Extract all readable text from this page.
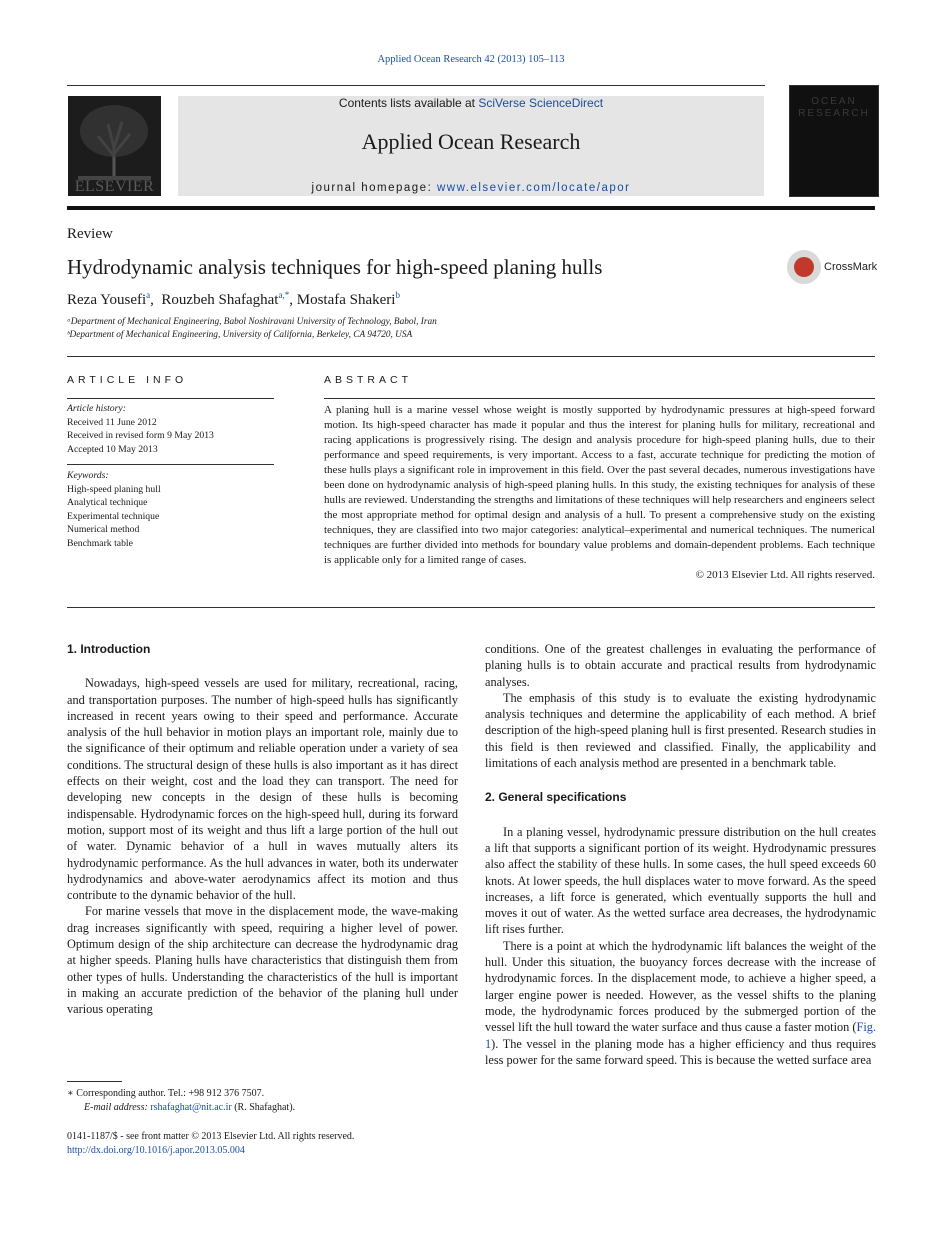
Applied Ocean Research 42 (2013) 105–113
ELSEVIER
Contents lists available at SciVerse ScienceDirect
Applied Ocean Research
journal homepage: www.elsevier.com/locate/apor
OCEAN RESEARCH
Review
Hydrodynamic analysis techniques for high-speed planing hulls	CrossMark
Reza Yousefi$^a$,  Rouzbeh Shafaghat$^{a,*}$, Mostafa Shakeri$^b$
ᵃDepartment of Mechanical Engineering, Babol Noshiravani University of Technology, Babol, Iran
ᵇDepartment of Mechanical Engineering, University of California, Berkeley, CA 94720, USA
ARTICLE INFO
Article history:
Received 11 June 2012
Received in revised form 9 May 2013
Accepted 10 May 2013
Keywords:
High-speed planing hull
Analytical technique
Experimental technique
Numerical method
Benchmark table
ABSTRACT
A planing hull is a marine vessel whose weight is mostly supported by hydrodynamic pressures at high-speed forward motion. Its high-speed character has made it popular and thus the interest for planing hulls for military, recreational and racing applications is progressively rising. The design and analysis procedure for high-speed planing hulls, due to their performance and speed requirements, is very important. Access to a fast, accurate technique for predicting the motion of these hulls plays a significant role in improvement in this field. Over the past several decades, numerous investigations have been done on hydrodynamic analysis of high-speed planing hulls. In this study, the existing techniques for analysis of these hulls are reviewed. Understanding the strengths and limitations of these techniques will help researchers and engineers select the most appropriate method for optimal design and analysis of a hull. To present a comprehensive study on the existing techniques, they are classified into two major categories: analytical–experimental and numerical techniques. The numerical techniques are further divided into methods for boundary value problems and domain-dependent problems. Each technique is applicable only for a limited range of cases.
© 2013 Elsevier Ltd. All rights reserved.
1. Introduction

Nowadays, high-speed vessels are used for military, recreational, racing, and transportation purposes. The number of high-speed hulls has significantly increased in recent years owing to their speed and performance. Accurate analysis of the hull behavior in motion plays an important role, mainly due to the significance of their optimum and reliable operation under a variety of sea conditions. The structural design of these hulls is also important as it has direct effects on their weight, cost and the load they can transport. The need for developing new concepts in the design of these hulls is becoming indispensable. Hydrodynamic forces on the high-speed hull, during its forward motion, support most of its weight and thus lift a large portion of the hull out of water. Dynamic behavior of a hull in waves mutually alters its hydrodynamic performance. As the hull advances in water, both its underwater hydrodynamics and above-water aerodynamics affect its motion and thus contribute to the dynamic behavior of the hull.

For marine vessels that move in the displacement mode, the wave-making drag increases significantly with speed, requiring a higher level of power. Optimum design of the ship architecture can decrease the hydrodynamic drag at higher speeds. Planing hulls have characteristics that distinguish them from other types of hulls. Understanding the characteristics of the hull is important in making an accurate prediction of the behavior of the planing hull under various operating

conditions. One of the greatest challenges in evaluating the performance of planing hulls is to obtain accurate and practical results from hydrodynamic analyses.

The emphasis of this study is to evaluate the existing hydrodynamic analysis techniques and determine the applicability of each method. A brief description of the high-speed planing hull is first presented. Research studies in this field is then reviewed and classified. Finally, the applicability and limitations of each analysis method are presented in a benchmark table.

2. General specifications

In a planing vessel, hydrodynamic pressure distribution on the hull creates a lift that supports a significant portion of its weight. Hydrodynamic pressures also affect the stability of these hulls. In some cases, the hull speed exceeds 60 knots. At lower speeds, the hull displaces water to move forward. As the speed increases, a lift force is generated, which eventually supports the hull and moves it out of water. As the wetted surface area decreases, the hydrodynamic lift rises further.

There is a point at which the hydrodynamic lift balances the weight of the hull. Under this situation, the buoyancy forces decrease with the increase of hydrodynamic forces. In the displacement mode, to achieve a higher speed, a larger engine power is needed. However, as the vessel shifts to the planing mode, the hydrodynamic forces produced by the submerged portion of the vessel lift the hull toward the water surface and thus cause a faster motion (Fig. 1). The vessel in the planing mode has a higher efficiency and thus requires less power for the same forward speed. This is because the wetted surface area

∗ Corresponding author. Tel.: +98 912 376 7507.
E-mail address: rshafaghat@nit.ac.ir (R. Shafaghat).
0141-1187/$ - see front matter © 2013 Elsevier Ltd. All rights reserved.
http://dx.doi.org/10.1016/j.apor.2013.05.004
